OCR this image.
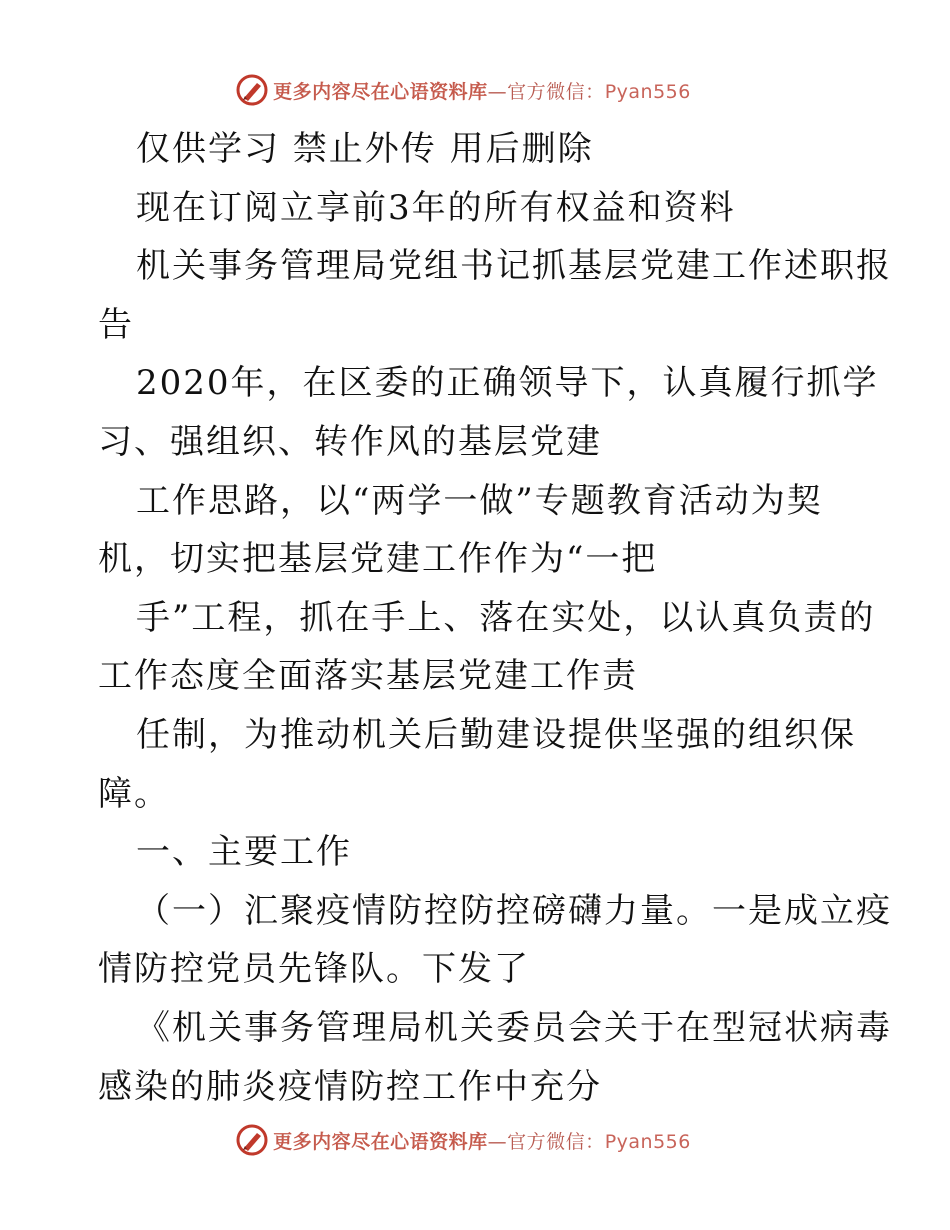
更多内容尽在心语资料库—官方微信：Pyan556
仅供学习 禁止外传 用后删除
现在订阅立享前3年的所有权益和资料
机关事务管理局党组书记抓基层党建工作述职报
告
2020年，在区委的正确领导下，认真履行抓学
习、强组织、转作风的基层党建
工作思路，以“两学一做”专题教育活动为契
机，切实把基层党建工作作为“一把
手”工程，抓在手上、落在实处，以认真负责的
工作态度全面落实基层党建工作责
任制，为推动机关后勤建设提供坚强的组织保
障。
一、主要工作
（一）汇聚疫情防控防控磅礴力量。一是成立疫
情防控党员先锋队。下发了
《机关事务管理局机关委员会关于在型冠状病毒
感染的肺炎疫情防控工作中充分
更多内容尽在心语资料库—官方微信：Pyan556
